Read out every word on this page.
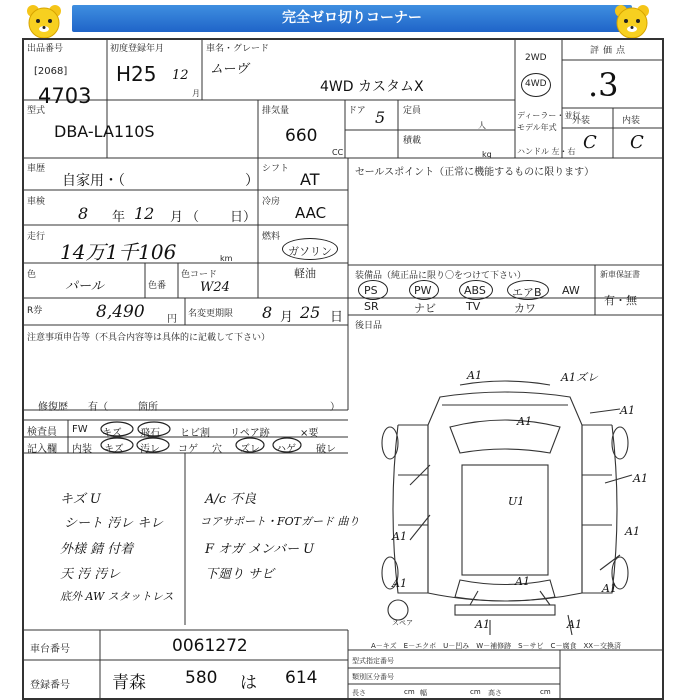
完全ゼロ切りコーナー
出品番号
[2068]
4703
初度登録年月
H25 12
月
車名・グレード
ムーヴ
4WD カスタムX
2WD
4WD
評価点
.3
外装	内装
C C
型式
DBA-LA110S
排気量
660
CC
ドア 5 定員
人
積載
kg
ディーラー・並行
モデル年式
ハンドル 左・右
車歴
自家用・（	）
シフト
AT	セールスポイント（正常に機能するものに限ります）
車検
8 年 12 月 （ 日）
冷房
AAC
走行
14万1千106	km
燃料
ガソリン
軽油
色
パール	色番
色コード
W24
装備品（純正品に限り〇をつけて下さい）
PS	PW	ABS エアB AW
SR	ナビ	TV	カワ
新車保証書
有・無
R券	8,490 円 名変更期限 8 月 25 日
後日品
注意事項申告等（不具合内容等は具体的に記載して下さい）
修復歴　　有（　　　箇所	）
検査員
記入欄
FW キズ 飛石 ヒビ割 リペア跡	×要
内装 キズ 汚レ コゲ 穴 ズレ ハゲ 破レ
キズ U
シート 汚レ キレ
外様 錆 付着
天 汚 汚レ
底外 AW スタットレス
A/c 不良
コアサポート・FOTガード 曲り
F オガ メンバー U
下廻り サビ
A1	A1ズレ
A1
A1
A1
U1
A1
A1
A1	A1
A1
A1	A1
スペア
A－キズ　E－エクボ　U－凹み　W－補修跡　S－サビ　C－腐食　XX－交換済
車台番号	0061272
登録番号 青森 580 は 614
型式指定番号
類別区分番号
長さ	幅	高さ
cm	cm	cm
